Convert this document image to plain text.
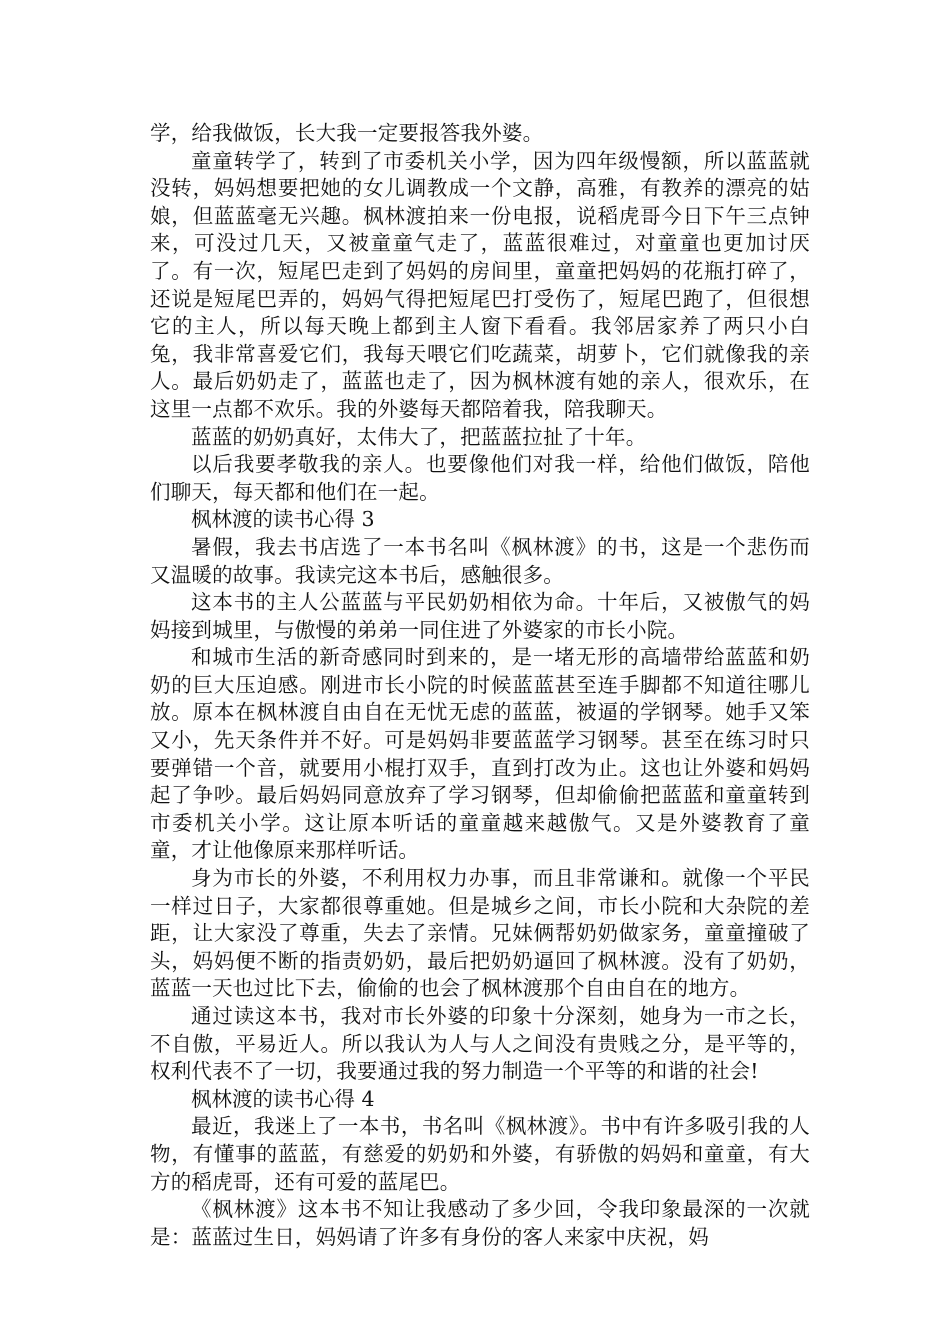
学，给我做饭，长大我一定要报答我外婆。

童童转学了，转到了市委机关小学，因为四年级慢额，所以蓝蓝就没转，妈妈想要把她的女儿调教成一个文静，高雅，有教养的漂亮的姑娘，但蓝蓝毫无兴趣。枫林渡拍来一份电报，说稻虎哥今日下午三点钟来，可没过几天，又被童童气走了，蓝蓝很难过，对童童也更加讨厌了。有一次，短尾巴走到了妈妈的房间里，童童把妈妈的花瓶打碎了，还说是短尾巴弄的，妈妈气得把短尾巴打受伤了，短尾巴跑了，但很想它的主人，所以每天晚上都到主人窗下看看。我邻居家养了两只小白兔，我非常喜爱它们，我每天喂它们吃蔬菜，胡萝卜，它们就像我的亲人。最后奶奶走了，蓝蓝也走了，因为枫林渡有她的亲人，很欢乐，在这里一点都不欢乐。我的外婆每天都陪着我，陪我聊天。

蓝蓝的奶奶真好，太伟大了，把蓝蓝拉扯了十年。

以后我要孝敬我的亲人。也要像他们对我一样，给他们做饭，陪他们聊天，每天都和他们在一起。

枫林渡的读书心得 3

暑假，我去书店选了一本书名叫《枫林渡》的书，这是一个悲伤而又温暖的故事。我读完这本书后，感触很多。

这本书的主人公蓝蓝与平民奶奶相依为命。十年后，又被傲气的妈妈接到城里，与傲慢的弟弟一同住进了外婆家的市长小院。

和城市生活的新奇感同时到来的，是一堵无形的高墙带给蓝蓝和奶奶的巨大压迫感。刚进市长小院的时候蓝蓝甚至连手脚都不知道往哪儿放。原本在枫林渡自由自在无忧无虑的蓝蓝，被逼的学钢琴。她手又笨又小，先天条件并不好。可是妈妈非要蓝蓝学习钢琴。甚至在练习时只要弹错一个音，就要用小棍打双手，直到打改为止。这也让外婆和妈妈起了争吵。最后妈妈同意放弃了学习钢琴，但却偷偷把蓝蓝和童童转到市委机关小学。这让原本听话的童童越来越傲气。又是外婆教育了童童，才让他像原来那样听话。

身为市长的外婆，不利用权力办事，而且非常谦和。就像一个平民一样过日子，大家都很尊重她。但是城乡之间，市长小院和大杂院的差距，让大家没了尊重，失去了亲情。兄妹俩帮奶奶做家务，童童撞破了头，妈妈便不断的指责奶奶，最后把奶奶逼回了枫林渡。没有了奶奶，蓝蓝一天也过比下去，偷偷的也会了枫林渡那个自由自在的地方。

通过读这本书，我对市长外婆的印象十分深刻，她身为一市之长，不自傲，平易近人。所以我认为人与人之间没有贵贱之分，是平等的，权利代表不了一切，我要通过我的努力制造一个平等的和谐的社会!

枫林渡的读书心得 4

最近，我迷上了一本书，书名叫《枫林渡》。书中有许多吸引我的人物，有懂事的蓝蓝，有慈爱的奶奶和外婆，有骄傲的妈妈和童童，有大方的稻虎哥，还有可爱的蓝尾巴。

《枫林渡》这本书不知让我感动了多少回，令我印象最深的一次就是：蓝蓝过生日，妈妈请了许多有身份的客人来家中庆祝，妈
